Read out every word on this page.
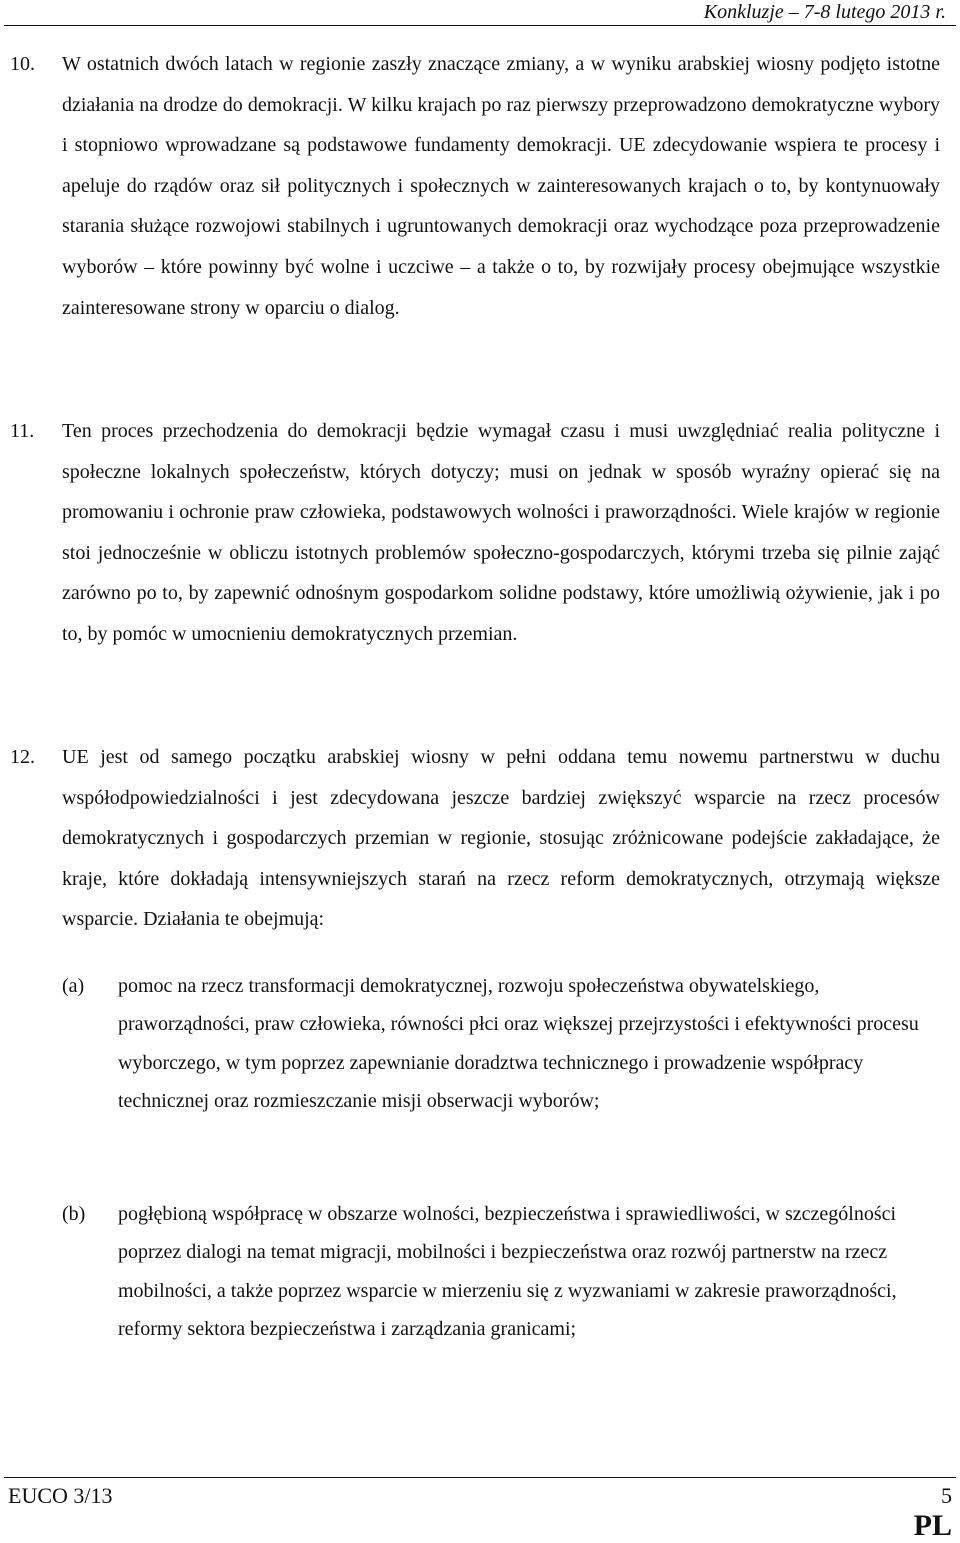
Konkluzje – 7-8 lutego 2013 r.
10. W ostatnich dwóch latach w regionie zaszły znaczące zmiany, a w wyniku arabskiej wiosny podjęto istotne działania na drodze do demokracji. W kilku krajach po raz pierwszy przeprowadzono demokratyczne wybory i stopniowo wprowadzane są podstawowe fundamenty demokracji. UE zdecydowanie wspiera te procesy i apeluje do rządów oraz sił politycznych i społecznych w zainteresowanych krajach o to, by kontynuowały starania służące rozwojowi stabilnych i ugruntowanych demokracji oraz wychodzące poza przeprowadzenie wyborów – które powinny być wolne i uczciwe – a także o to, by rozwijały procesy obejmujące wszystkie zainteresowane strony w oparciu o dialog.
11. Ten proces przechodzenia do demokracji będzie wymagał czasu i musi uwzględniać realia polityczne i społeczne lokalnych społeczeństw, których dotyczy; musi on jednak w sposób wyraźny opierać się na promowaniu i ochronie praw człowieka, podstawowych wolności i praworządności. Wiele krajów w regionie stoi jednocześnie w obliczu istotnych problemów społeczno-gospodarczych, którymi trzeba się pilnie zająć zarówno po to, by zapewnić odnośnym gospodarkom solidne podstawy, które umożliwią ożywienie, jak i po to, by pomóc w umocnieniu demokratycznych przemian.
12. UE jest od samego początku arabskiej wiosny w pełni oddana temu nowemu partnerstwu w duchu współodpowiedzialności i jest zdecydowana jeszcze bardziej zwiększyć wsparcie na rzecz procesów demokratycznych i gospodarczych przemian w regionie, stosując zróżnicowane podejście zakładające, że kraje, które dokładają intensywniejszych starań na rzecz reform demokratycznych, otrzymają większe wsparcie. Działania te obejmują:
(a) pomoc na rzecz transformacji demokratycznej, rozwoju społeczeństwa obywatelskiego, praworządności, praw człowieka, równości płci oraz większej przejrzystości i efektywności procesu wyborczego, w tym poprzez zapewnianie doradztwa technicznego i prowadzenie współpracy technicznej oraz rozmieszczanie misji obserwacji wyborów;
(b) pogłębioną współpracę w obszarze wolności, bezpieczeństwa i sprawiedliwości, w szczególności poprzez dialogi na temat migracji, mobilności i bezpieczeństwa oraz rozwój partnerstw na rzecz mobilności, a także poprzez wsparcie w mierzeniu się z wyzwaniami w zakresie praworządności, reformy sektora bezpieczeństwa i zarządzania granicami;
EUCO 3/13	5
PL
